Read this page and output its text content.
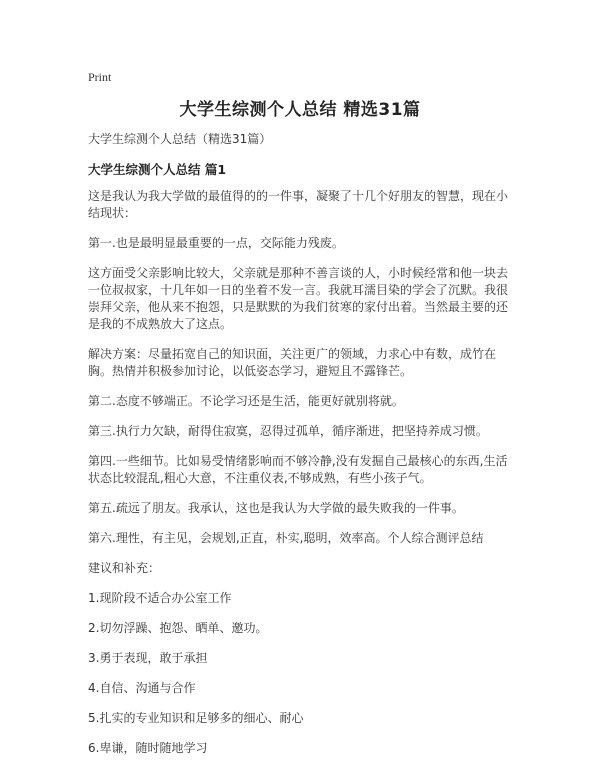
Print
大学生综测个人总结 精选31篇

大学生综测个人总结（精选31篇）

大学生综测个人总结 篇1

这是我认为我大学做的最值得的的一件事，凝聚了十几个好朋友的智慧，现在小结现状：

第一.也是最明显最重要的一点，交际能力残废。

这方面受父亲影响比较大，父亲就是那种不善言谈的人，小时候经常和他一块去一位叔叔家，十几年如一日的坐着不发一言。我就耳濡目染的学会了沉默。我很崇拜父亲，他从来不抱怨，只是默默的为我们贫寒的家付出着。当然最主要的还是我的不成熟放大了这点。

解决方案：尽量拓宽自己的知识面，关注更广的领域，力求心中有数，成竹在胸。热情并积极参加讨论，以低姿态学习，避短且不露锋芒。

第二.态度不够端正。不论学习还是生活，能更好就别将就。

第三.执行力欠缺，耐得住寂寞，忍得过孤单，循序渐进，把坚持养成习惯。

第四.一些细节。比如易受情绪影响而不够冷静,没有发掘自己最核心的东西,生活状态比较混乱,粗心大意，不注重仪表,不够成熟，有些小孩子气。

第五.疏远了朋友。我承认，这也是我认为大学做的最失败我的一件事。

第六.理性，有主见，会规划,正直，朴实,聪明，效率高。个人综合测评总结

建议和补充：

1.现阶段不适合办公室工作

2.切勿浮躁、抱怨、晒单、邀功。

3.勇于表现，敢于承担

4.自信、沟通与合作

5.扎实的专业知识和足够多的细心、耐心

6.卑谦，随时随地学习
